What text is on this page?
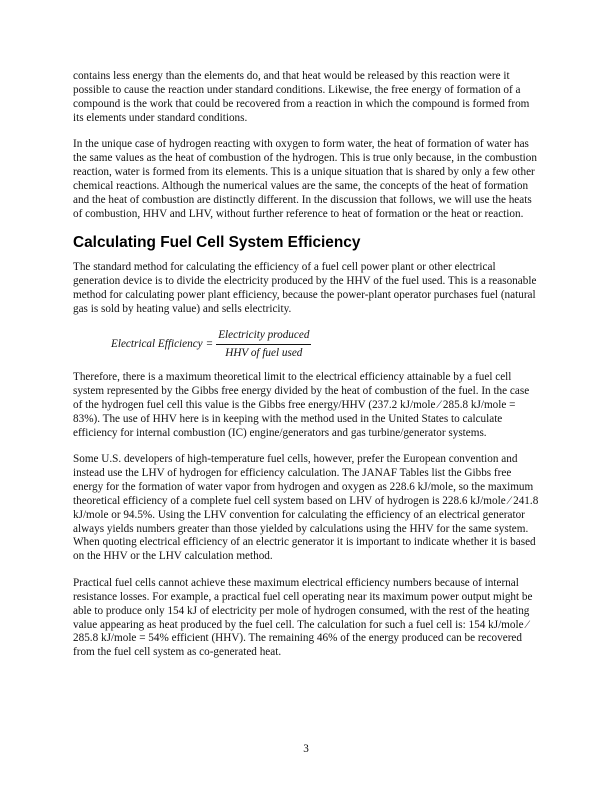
contains less energy than the elements do, and that heat would be released by this reaction were it possible to cause the reaction under standard conditions. Likewise, the free energy of formation of a compound is the work that could be recovered from a reaction in which the compound is formed from its elements under standard conditions.

In the unique case of hydrogen reacting with oxygen to form water, the heat of formation of water has the same values as the heat of combustion of the hydrogen. This is true only because, in the combustion reaction, water is formed from its elements. This is a unique situation that is shared by only a few other chemical reactions. Although the numerical values are the same, the concepts of the heat of formation and the heat of combustion are distinctly different. In the discussion that follows, we will use the heats of combustion, HHV and LHV, without further reference to heat of formation or the heat or reaction.

Calculating Fuel Cell System Efficiency

The standard method for calculating the efficiency of a fuel cell power plant or other electrical generation device is to divide the electricity produced by the HHV of the fuel used. This is a reasonable method for calculating power plant efficiency, because the power-plant operator purchases fuel (natural gas is sold by heating value) and sells electricity.

Electrical Efficiency = $\frac{\text{Electricity produced}}{\text{HHV of fuel used}}$

Therefore, there is a maximum theoretical limit to the electrical efficiency attainable by a fuel cell system represented by the Gibbs free energy divided by the heat of combustion of the fuel. In the case of the hydrogen fuel cell this value is the Gibbs free energy/HHV (237.2 kJ/mole ⁄ 285.8 kJ/mole = 83%). The use of HHV here is in keeping with the method used in the United States to calculate efficiency for internal combustion (IC) engine/generators and gas turbine/generator systems.

Some U.S. developers of high-temperature fuel cells, however, prefer the European convention and instead use the LHV of hydrogen for efficiency calculation. The JANAF Tables list the Gibbs free energy for the formation of water vapor from hydrogen and oxygen as 228.6 kJ/mole, so the maximum theoretical efficiency of a complete fuel cell system based on LHV of hydrogen is 228.6 kJ/mole ⁄ 241.8 kJ/mole or 94.5%. Using the LHV convention for calculating the efficiency of an electrical generator always yields numbers greater than those yielded by calculations using the HHV for the same system. When quoting electrical efficiency of an electric generator it is important to indicate whether it is based on the HHV or the LHV calculation method.

Practical fuel cells cannot achieve these maximum electrical efficiency numbers because of internal resistance losses. For example, a practical fuel cell operating near its maximum power output might be able to produce only 154 kJ of electricity per mole of hydrogen consumed, with the rest of the heating value appearing as heat produced by the fuel cell. The calculation for such a fuel cell is: 154 kJ/mole ⁄ 285.8 kJ/mole = 54% efficient (HHV). The remaining 46% of the energy produced can be recovered from the fuel cell system as co-generated heat.

3
